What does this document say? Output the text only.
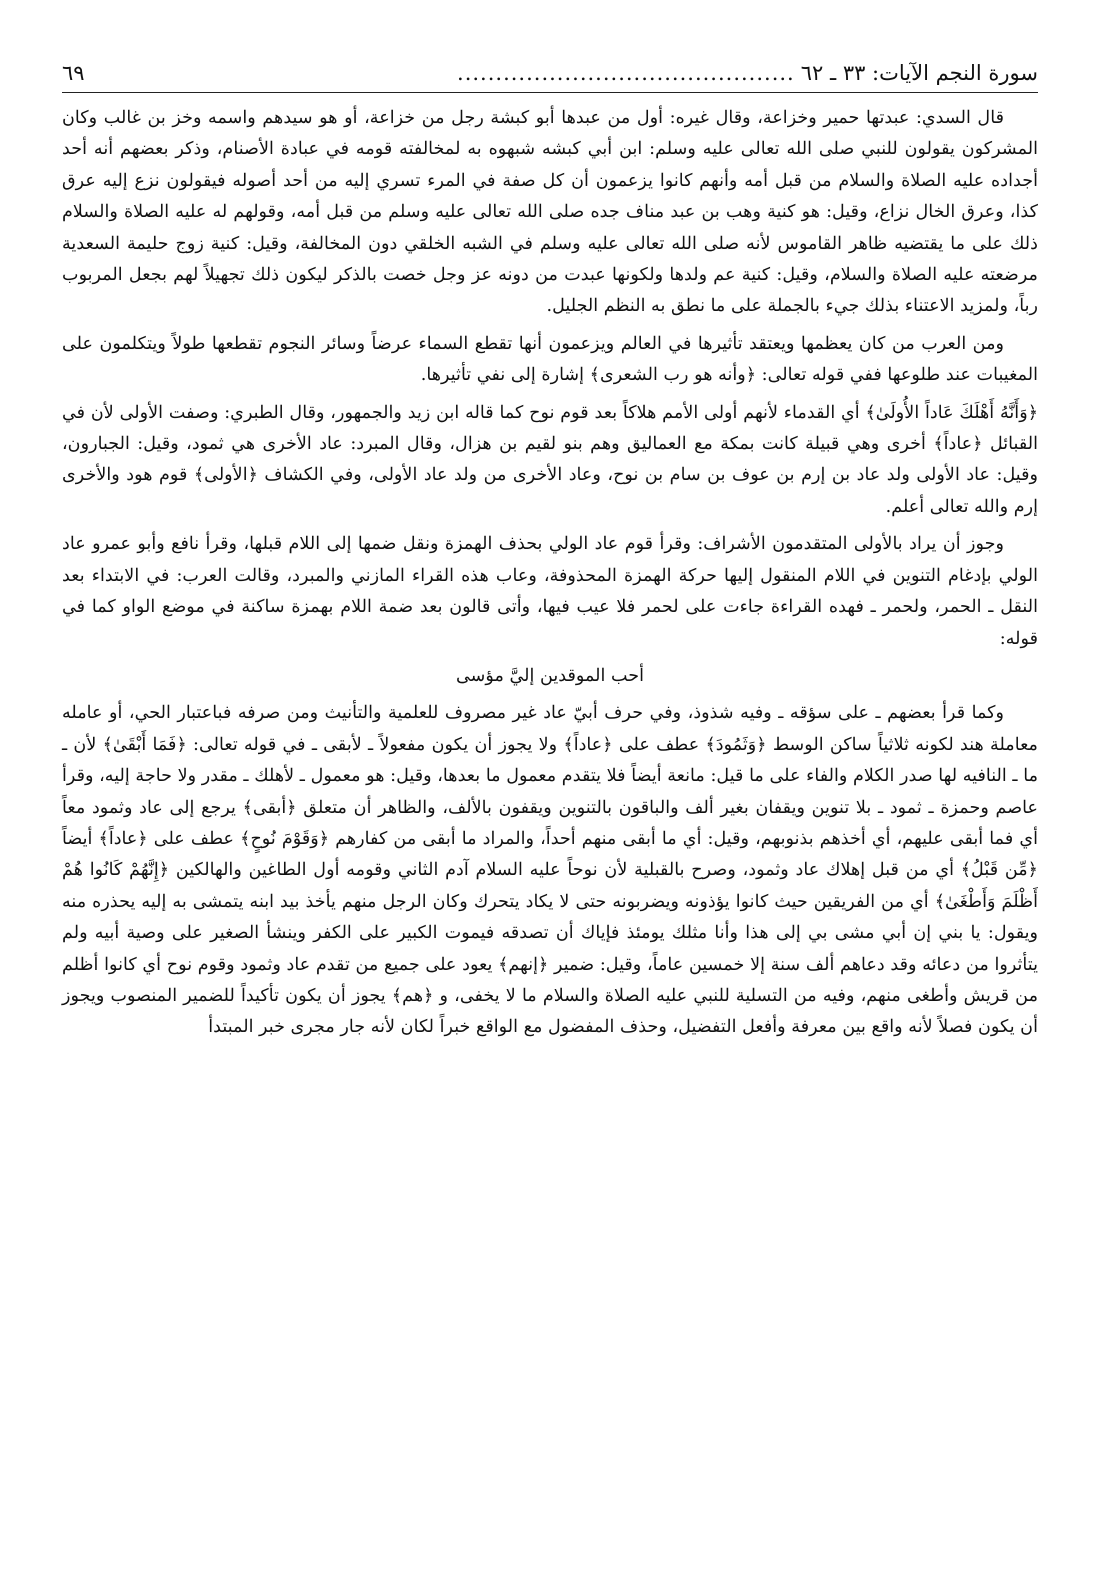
سورة النجم الآيات: ٣٣ ـ ٦٢
............................................
٦٩

قال السدي: عبدتها حمير وخزاعة، وقال غيره: أول من عبدها أبو كبشة رجل من خزاعة، أو هو سيدهم واسمه وخز بن غالب وكان المشركون يقولون للنبي صلى الله تعالى عليه وسلم: ابن أبي كبشه شبهوه به لمخالفته قومه في عبادة الأصنام، وذكر بعضهم أنه أحد أجداده عليه الصلاة والسلام من قبل أمه وأنهم كانوا يزعمون أن كل صفة في المرء تسري إليه من أحد أصوله فيقولون نزع إليه عرق كذا، وعرق الخال نزاع، وقيل: هو كنية وهب بن عبد مناف جده صلى الله تعالى عليه وسلم من قبل أمه، وقولهم له عليه الصلاة والسلام ذلك على ما يقتضيه ظاهر القاموس لأنه صلى الله تعالى عليه وسلم في الشبه الخلقي دون المخالفة، وقيل: كنية زوج حليمة السعدية مرضعته عليه الصلاة والسلام، وقيل: كنية عم ولدها ولكونها عبدت من دونه عز وجل خصت بالذكر ليكون ذلك تجهيلاً لهم بجعل المربوب رباً، ولمزيد الاعتناء بذلك جيء بالجملة على ما نطق به النظم الجليل.

ومن العرب من كان يعظمها ويعتقد تأثيرها في العالم ويزعمون أنها تقطع السماء عرضاً وسائر النجوم تقطعها طولاً ويتكلمون على المغيبات عند طلوعها ففي قوله تعالى: ﴿وأنه هو رب الشعرى﴾ إشارة إلى نفي تأثيرها.

﴿وَأَنَّهُ أَهْلَكَ عَاداً الأُولَىٰ﴾ أي القدماء لأنهم أولى الأمم هلاكاً بعد قوم نوح كما قاله ابن زيد والجمهور، وقال الطبري: وصفت الأولى لأن في القبائل ﴿عاداً﴾ أخرى وهي قبيلة كانت بمكة مع العماليق وهم بنو لقيم بن هزال، وقال المبرد: عاد الأخرى هي ثمود، وقيل: الجبارون، وقيل: عاد الأولى ولد عاد بن إرم بن عوف بن سام بن نوح، وعاد الأخرى من ولد عاد الأولى، وفي الكشاف ﴿الأولى﴾ قوم هود والأخرى إرم والله تعالى أعلم.

وجوز أن يراد بالأولى المتقدمون الأشراف: وقرأ قوم عاد الولي بحذف الهمزة ونقل ضمها إلى اللام قبلها، وقرأ نافع وأبو عمرو عاد الولي بإدغام التنوين في اللام المنقول إليها حركة الهمزة المحذوفة، وعاب هذه القراء المازني والمبرد، وقالت العرب: في الابتداء بعد النقل ـ الحمر، ولحمر ـ فهده القراءة جاءت على لحمر فلا عيب فيها، وأتى قالون بعد ضمة اللام بهمزة ساكنة في موضع الواو كما في قوله:

أحب الموقدين إليَّ مؤسى

وكما قرأ بعضهم ـ على سؤقه ـ وفيه شذوذ، وفي حرف أبيّ عاد غير مصروف للعلمية والتأنيث ومن صرفه فباعتبار الحي، أو عامله معاملة هند لكونه ثلاثياً ساكن الوسط ﴿وَثَمُودَ﴾ عطف على ﴿عاداً﴾ ولا يجوز أن يكون مفعولاً ـ لأبقى ـ في قوله تعالى: ﴿فَمَا أَبْقَىٰ﴾ لأن ـ ما ـ النافيه لها صدر الكلام والفاء على ما قيل: مانعة أيضاً فلا يتقدم معمول ما بعدها، وقيل: هو معمول ـ لأهلك ـ مقدر ولا حاجة إليه، وقرأ عاصم وحمزة ـ ثمود ـ بلا تنوين ويقفان بغير ألف والباقون بالتنوين ويقفون بالألف، والظاهر أن متعلق ﴿أبقى﴾ يرجع إلى عاد وثمود معاً أي فما أبقى عليهم، أي أخذهم بذنوبهم، وقيل: أي ما أبقى منهم أحداً، والمراد ما أبقى من كفارهم ﴿وَقَوْمَ نُوحٍ﴾ عطف على ﴿عاداً﴾ أيضاً ﴿مِّن قَبْلُ﴾ أي من قبل إهلاك عاد وثمود، وصرح بالقبلية لأن نوحاً عليه السلام آدم الثاني وقومه أول الطاغين والهالكين ﴿إِنَّهُمْ كَانُوا هُمْ أَظْلَمَ وَأَطْغَىٰ﴾ أي من الفريقين حيث كانوا يؤذونه ويضربونه حتى لا يكاد يتحرك وكان الرجل منهم يأخذ بيد ابنه يتمشى به إليه يحذره منه ويقول: يا بني إن أبي مشى بي إلى هذا وأنا مثلك يومئذ فإياك أن تصدقه فيموت الكبير على الكفر وينشأ الصغير على وصية أبيه ولم يتأثروا من دعائه وقد دعاهم ألف سنة إلا خمسين عاماً، وقيل: ضمير ﴿إنهم﴾ يعود على جميع من تقدم عاد وثمود وقوم نوح أي كانوا أظلم من قريش وأطغى منهم، وفيه من التسلية للنبي عليه الصلاة والسلام ما لا يخفى، و ﴿هم﴾ يجوز أن يكون تأكيداً للضمير المنصوب ويجوز أن يكون فصلاً لأنه واقع بين معرفة وأفعل التفضيل، وحذف المفضول مع الواقع خبراً لكان لأنه جار مجرى خبر المبتدأ
